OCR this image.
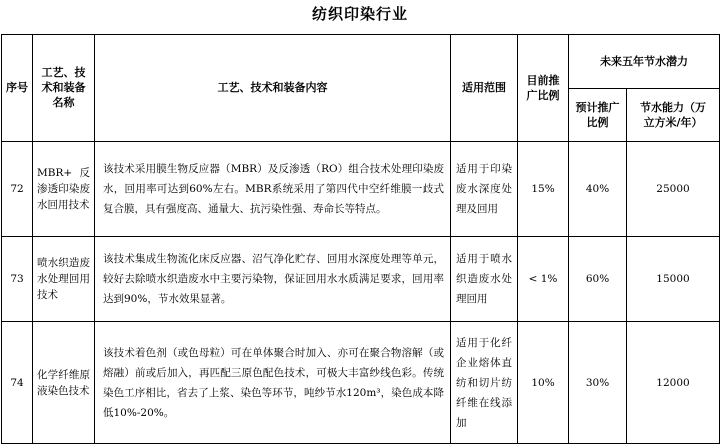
纺织印染行业
序号	工艺、技术和装备名称	工艺、技术和装备内容	适用范围	目前推广比例	未来五年节水潜力	
					预计推广比例	节水能力（万立方米/年）
72	MBR+反渗透印染废水回用技术	该技术采用膜生物反应器（MBR）及反渗透（RO）组合技术处理印染废水，回用率可达到60%左右。MBR系统采用了第四代中空纤维膜一歧式复合膜，具有强度高、通量大、抗污染性强、寿命长等特点。	适用于印染废水深度处理及回用	15%	40%	25000
73	喷水织造废水处理回用技术	该技术集成生物流化床反应器、沼气净化贮存、回用水深度处理等单元，较好去除喷水织造废水中主要污染物，保证回用水水质满足要求，回用率达到90%，节水效果显著。	适用于喷水织造废水处理回用	< 1%	60%	15000
74	化学纤维原液染色技术	该技术着色剂（或色母粒）可在单体聚合时加入、亦可在聚合物溶解（或熔融）前或后加入，再匹配三原色配色技术，可极大丰富纱线色彩。传统染色工序相比，省去了上浆、染色等环节，吨纱节水120m³，染色成本降低10%-20%。	适用于化纤企业熔体直纺和切片纺纤维在线添加	10%	30%	12000
